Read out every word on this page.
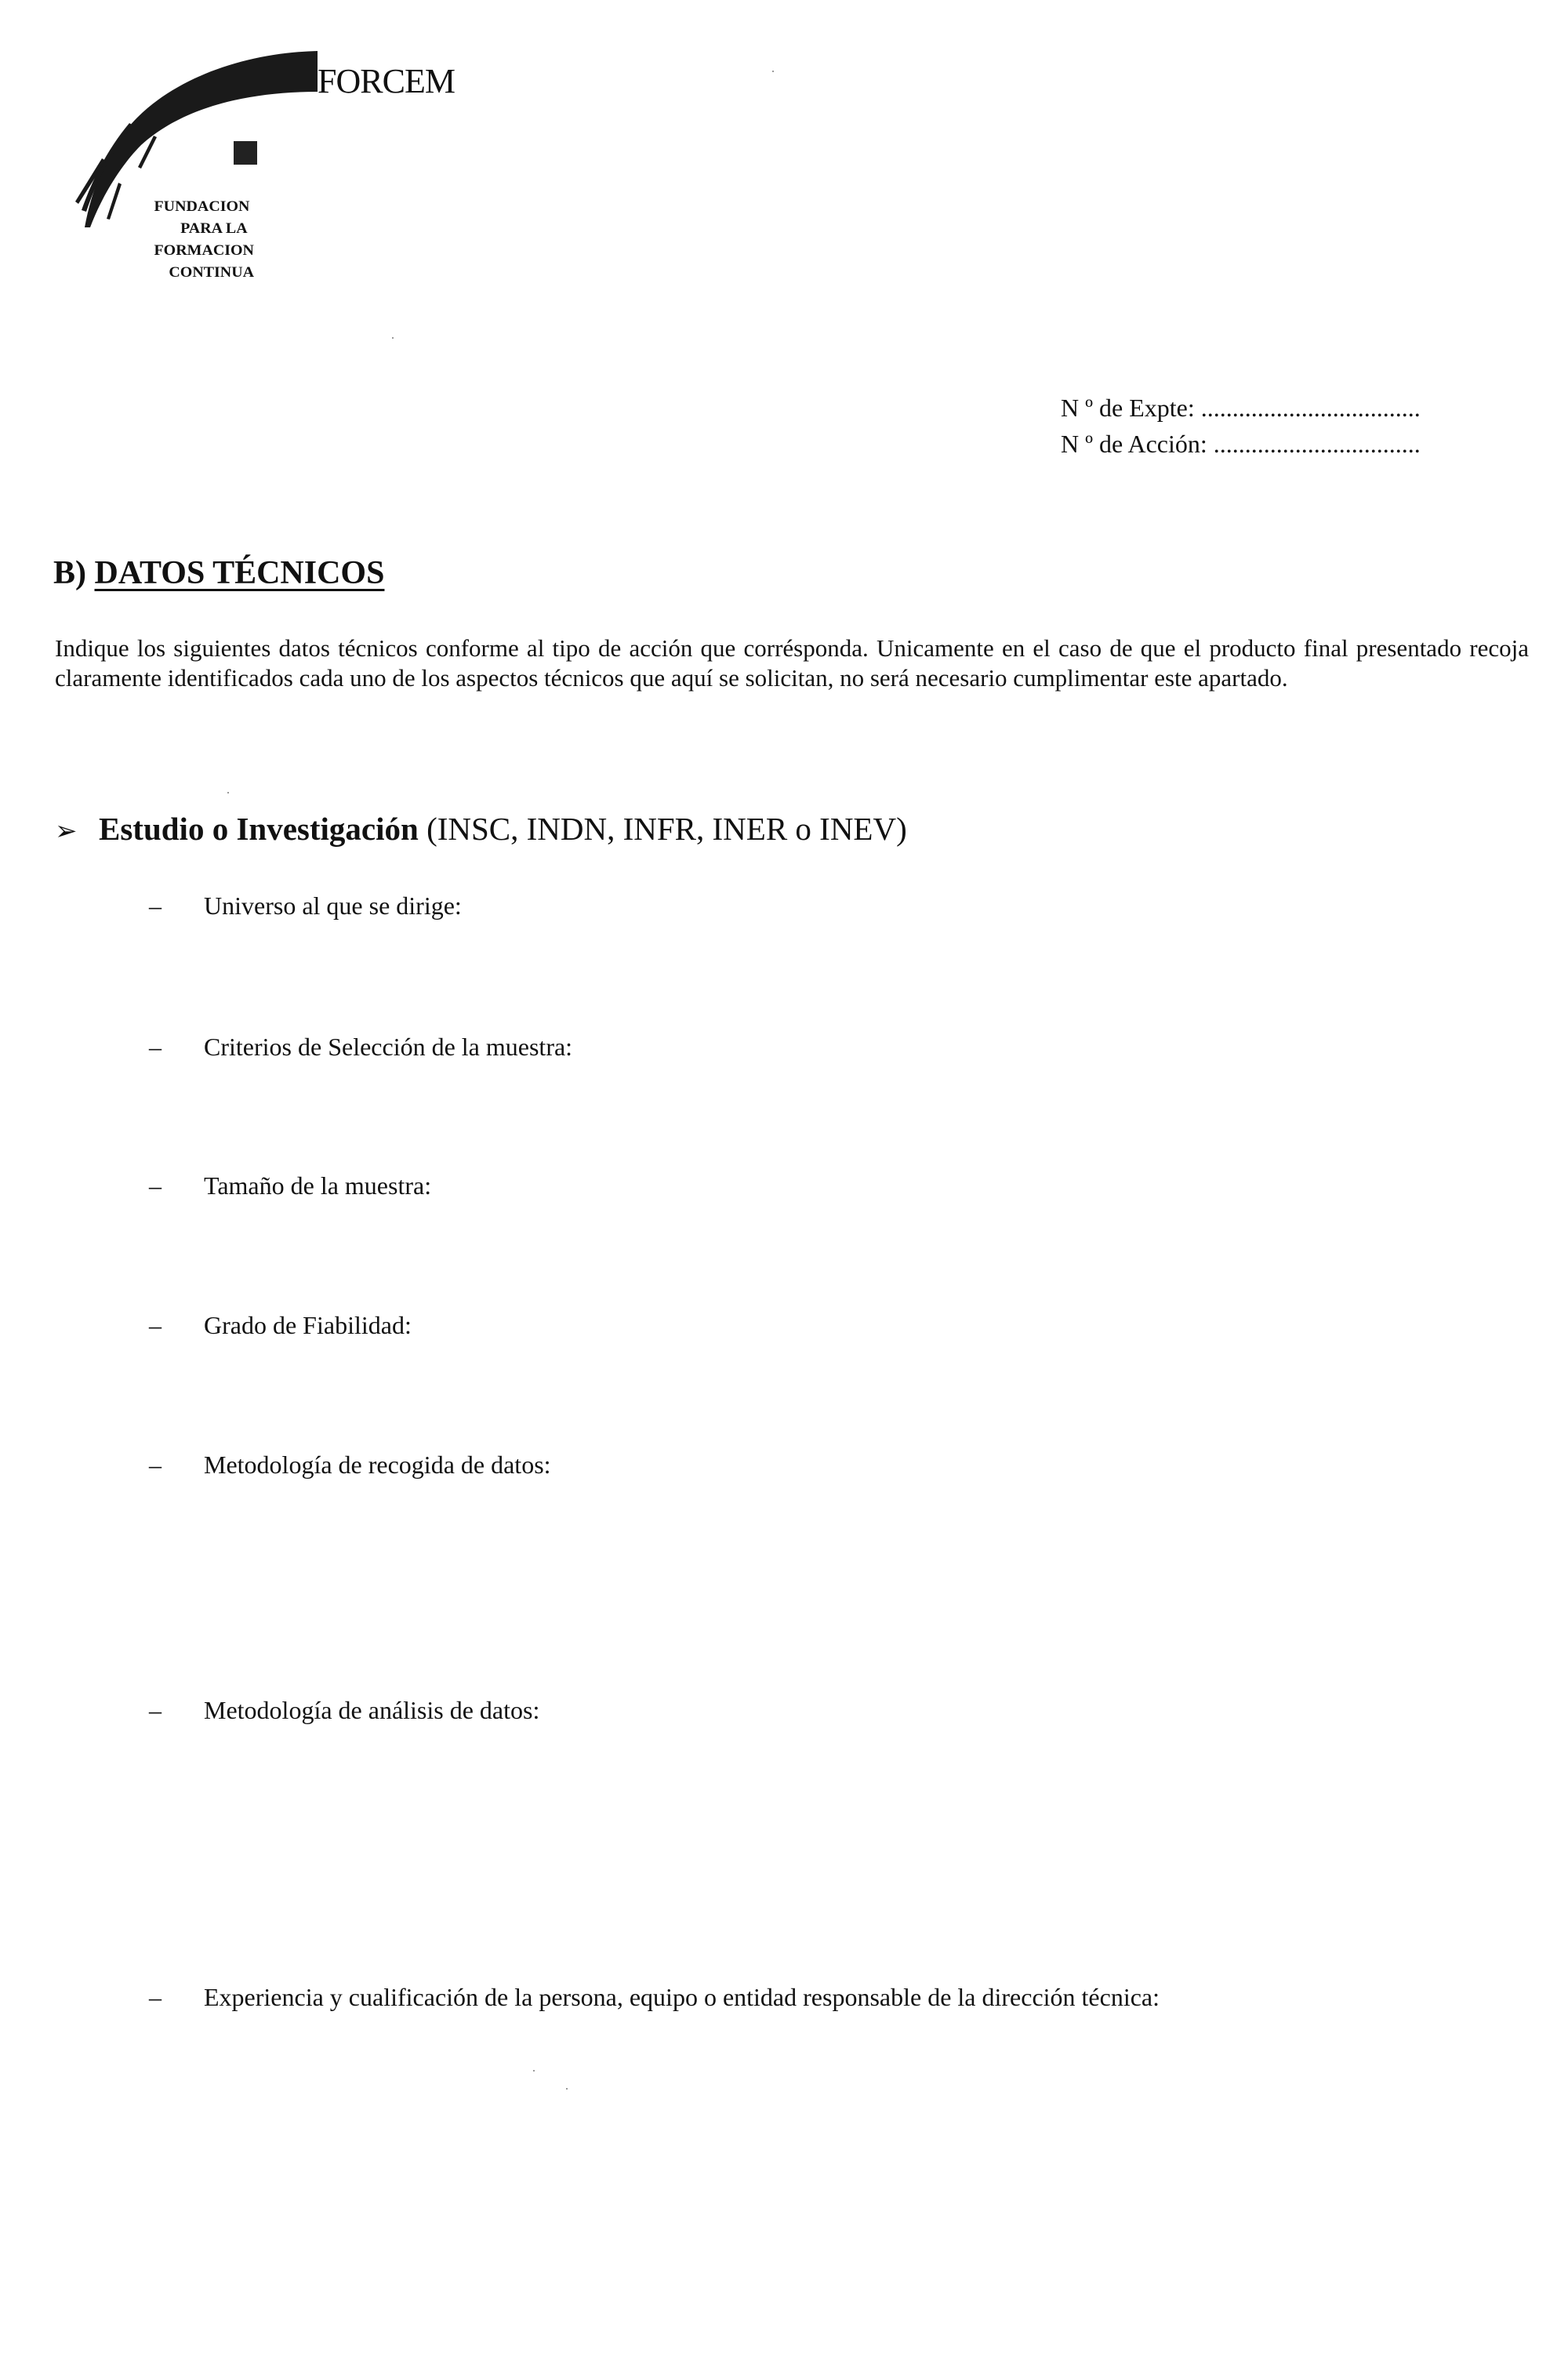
FORCEM
FUNDACION
PARA LA
FORMACION
CONTINUA
N º de Expte: ...................................
N º de Acción: .................................
B) DATOS TÉCNICOS
Indique los siguientes datos técnicos conforme al tipo de acción que corrésponda. Unicamente en el caso de que el producto final presentado recoja claramente identificados cada uno de los aspectos técnicos que aquí se solicitan, no será necesario cumplimentar este apartado.
➢ Estudio o Investigación (INSC, INDN, INFR, INER o INEV)
– Universo al que se dirige:
– Criterios de Selección de la muestra:
– Tamaño de la muestra:
– Grado de Fiabilidad:
– Metodología de recogida de datos:
– Metodología de análisis de datos:
– Experiencia y cualificación de la persona, equipo o entidad responsable de la dirección técnica:
